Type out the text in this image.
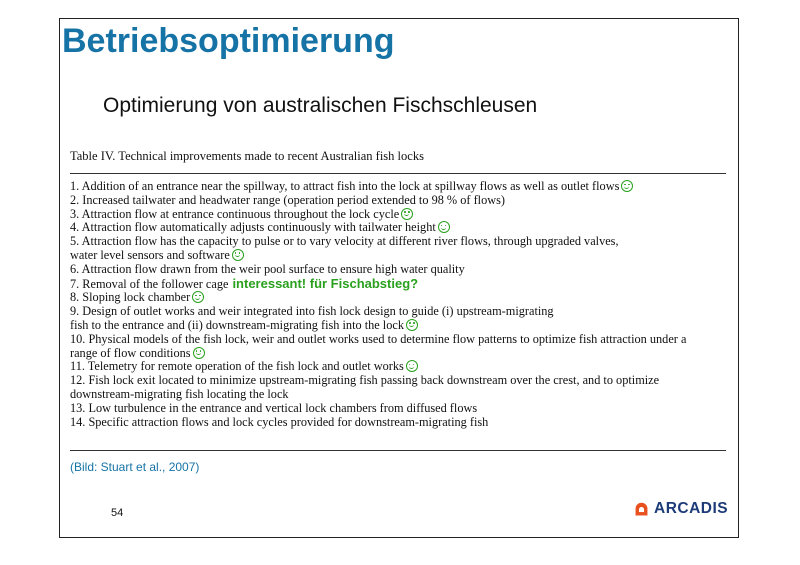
Betriebsoptimierung
Optimierung von australischen Fischschleusen
Table IV. Technical improvements made to recent Australian fish locks
1. Addition of an entrance near the spillway, to attract fish into the lock at spillway flows as well as outlet flows
2. Increased tailwater and headwater range (operation period extended to 98 % of flows)
3. Attraction flow at entrance continuous throughout the lock cycle
4. Attraction flow automatically adjusts continuously with tailwater height
5. Attraction flow has the capacity to pulse or to vary velocity at different river flows, through upgraded valves,
water level sensors and software
6. Attraction flow drawn from the weir pool surface to ensure high water quality
7. Removal of the follower cage interessant! für Fischabstieg?
8. Sloping lock chamber
9. Design of outlet works and weir integrated into fish lock design to guide (i) upstream-migrating
fish to the entrance and (ii) downstream-migrating fish into the lock
10. Physical models of the fish lock, weir and outlet works used to determine flow patterns to optimize fish attraction under a
range of flow conditions
11. Telemetry for remote operation of the fish lock and outlet works
12. Fish lock exit located to minimize upstream-migrating fish passing back downstream over the crest, and to optimize
downstream-migrating fish locating the lock
13. Low turbulence in the entrance and vertical lock chambers from diffused flows
14. Specific attraction flows and lock cycles provided for downstream-migrating fish
(Bild: Stuart et al., 2007)
54	ARCADIS
